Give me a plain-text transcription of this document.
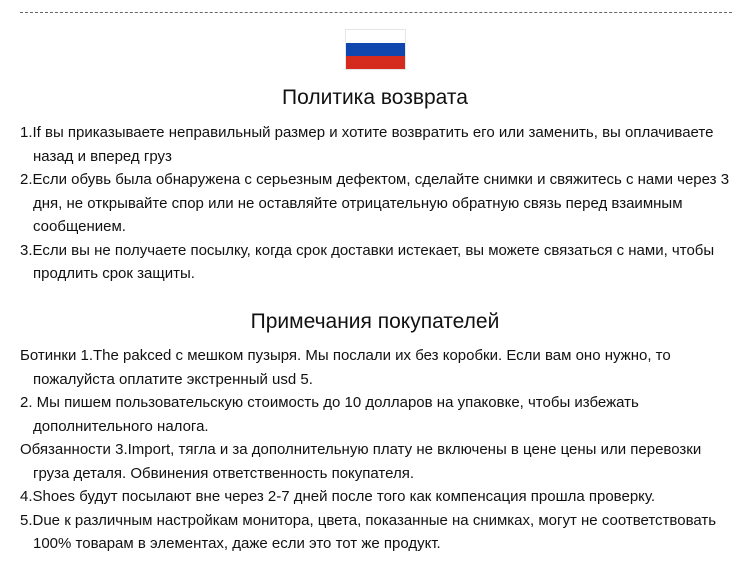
Политика возврата

1.If вы приказываете неправильный размер и хотите возвратить его или заменить, вы оплачиваете назад и вперед груз

2.Если обувь была обнаружена с серьезным дефектом, сделайте снимки и свяжитесь с нами через 3 дня, не открывайте спор или не оставляйте отрицательную обратную связь перед взаимным сообщением.

3.Если вы не получаете посылку, когда срок доставки истекает, вы можете связаться с нами, чтобы продлить срок защиты.

Примечания покупателей

Ботинки 1.The pakced с мешком пузыря. Мы послали их без коробки. Если вам оно нужно, то пожалуйста оплатите экстренный usd 5.

2. Мы пишем пользовательскую стоимость до 10 долларов на упаковке, чтобы избежать дополнительного налога.

Обязанности 3.Import, тягла и за дополнительную плату не включены в цене цены или перевозки груза деталя. Обвинения ответственность покупателя.

4.Shoes будут посылают вне через 2-7 дней после того как компенсация прошла проверку.

5.Due к различным настройкам монитора, цвета, показанные на снимках, могут не соответствовать 100% товарам в элементах, даже если это тот же продукт.
